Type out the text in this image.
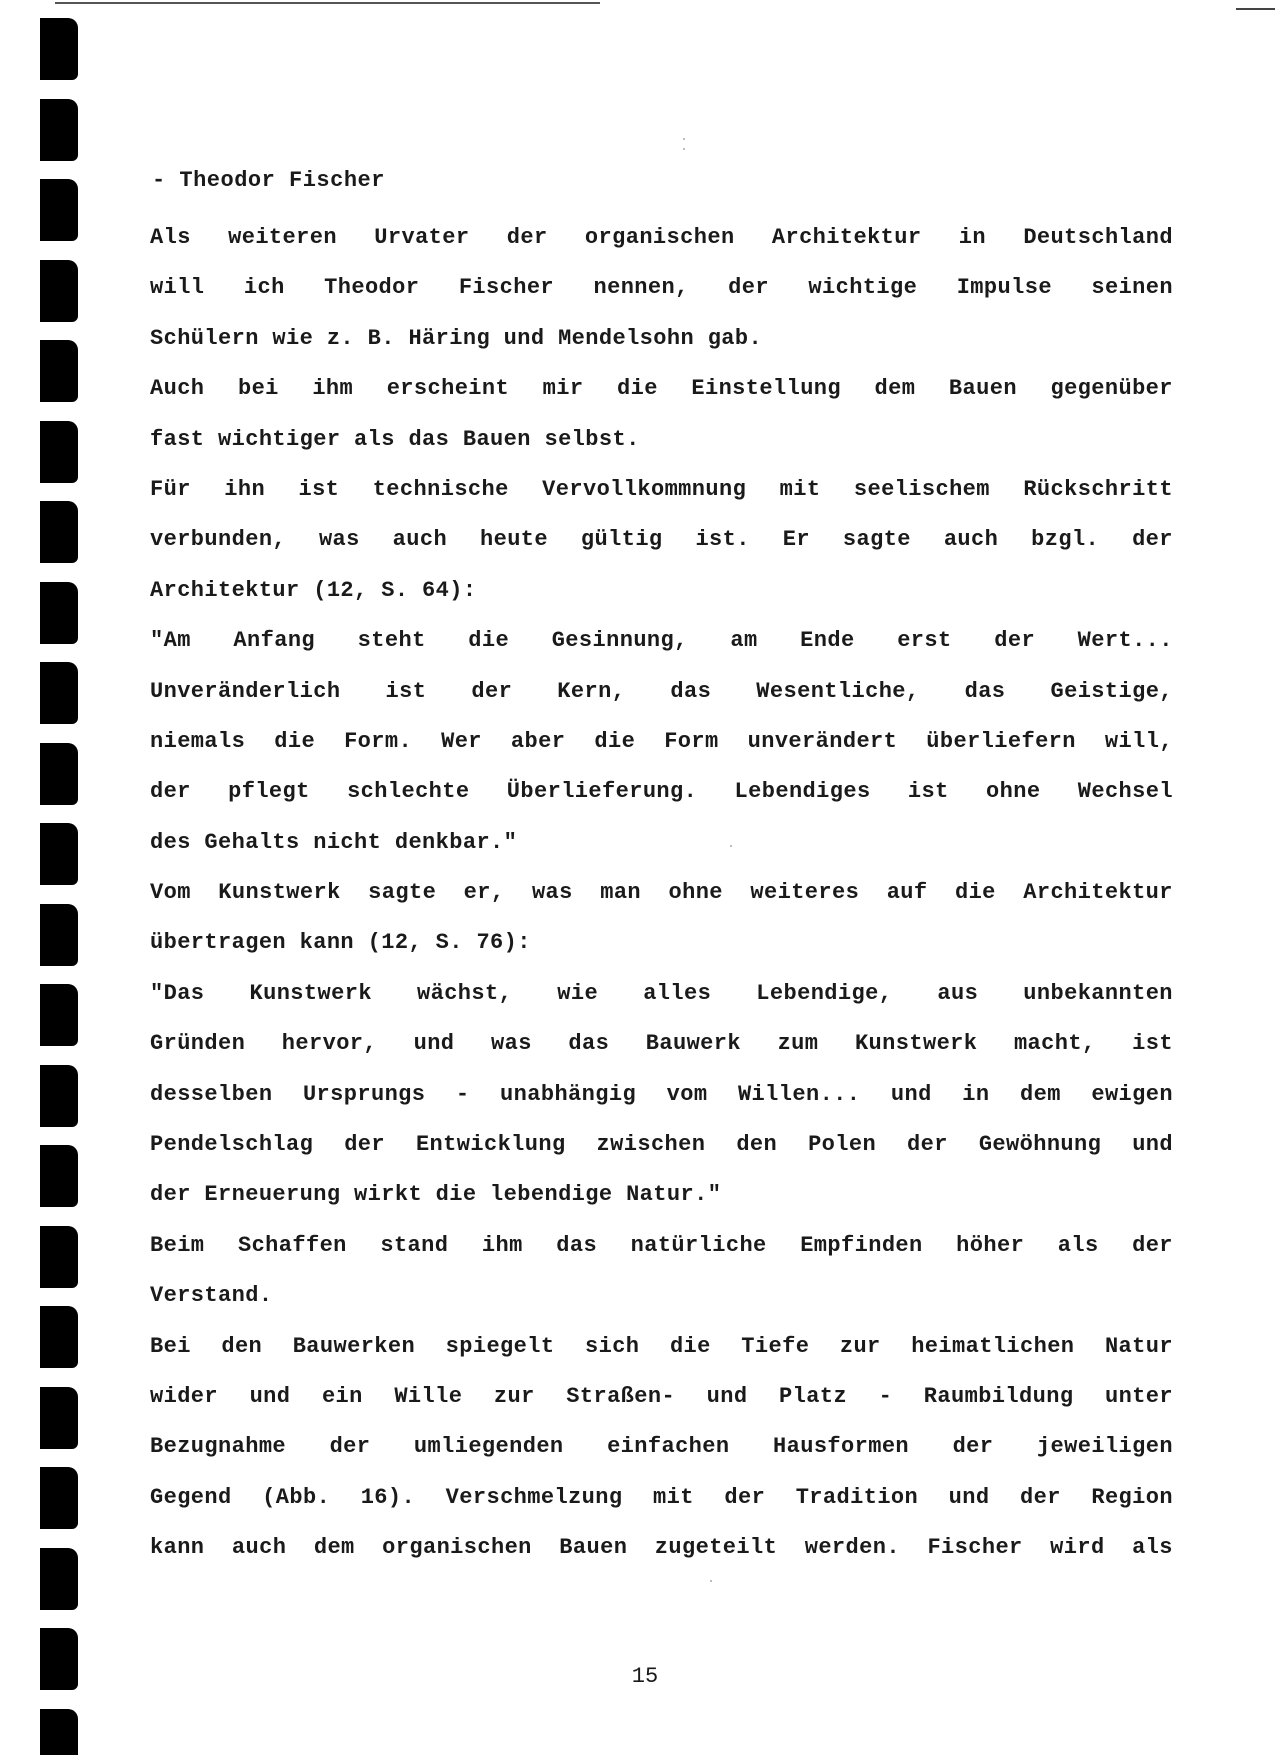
- Theodor Fischer
Als weiteren Urvater der organischen Architektur in Deutschland
will ich Theodor Fischer nennen, der wichtige Impulse seinen
Schülern wie z. B. Häring und Mendelsohn gab.
Auch bei ihm erscheint mir die Einstellung dem Bauen gegenüber
fast wichtiger als das Bauen selbst.
Für ihn ist technische Vervollkommnung mit seelischem Rückschritt
verbunden, was auch heute gültig ist. Er sagte auch bzgl. der
Architektur (12, S. 64):
"Am Anfang steht die Gesinnung, am Ende erst der Wert...
Unveränderlich ist der Kern, das Wesentliche, das Geistige,
niemals die Form. Wer aber die Form unverändert überliefern will,
der pflegt schlechte Überlieferung. Lebendiges ist ohne Wechsel
des Gehalts nicht denkbar."
Vom Kunstwerk sagte er, was man ohne weiteres auf die Architektur
übertragen kann (12, S. 76):
"Das Kunstwerk wächst, wie alles Lebendige, aus unbekannten
Gründen hervor, und was das Bauwerk zum Kunstwerk macht, ist
desselben Ursprungs - unabhängig vom Willen... und in dem ewigen
Pendelschlag der Entwicklung zwischen den Polen der Gewöhnung und
der Erneuerung wirkt die lebendige Natur."
Beim Schaffen stand ihm das natürliche Empfinden höher als der
Verstand.
Bei den Bauwerken spiegelt sich die Tiefe zur heimatlichen Natur
wider und ein Wille zur Straßen- und Platz - Raumbildung unter
Bezugnahme der umliegenden einfachen Hausformen der jeweiligen
Gegend (Abb. 16). Verschmelzung mit der Tradition und der Region
kann auch dem organischen Bauen zugeteilt werden. Fischer wird als
15
